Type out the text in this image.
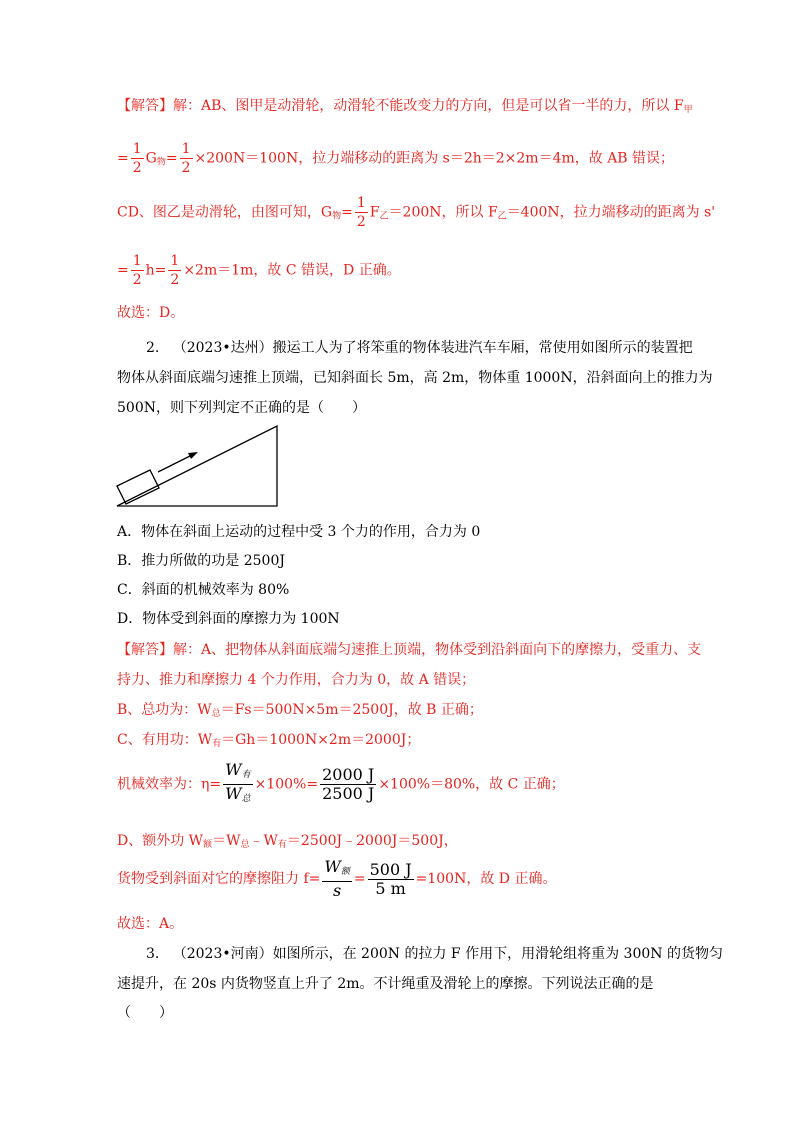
【解答】解：AB、图甲是动滑轮，动滑轮不能改变力的方向，但是可以省一半的力，所以 $F_甲$
= $\frac{1}{2} G_物= \frac{1}{2} \times 200N=100N$，拉力端移动的距离为 s＝2h＝2×2m＝4m，故 AB 错误；
CD、图乙是动滑轮，由图可知，$G_物= \frac{1}{2} F_乙=200N$，所以 $F_乙=400N$，拉力端移动的距离为 s'
= $\frac{1}{2} h= \frac{1}{2} \times 2m=1m$，故 C 错误，D 正确。
故选：D。
2. （2023•达州）搬运工人为了将笨重的物体装进汽车车厢，常使用如图所示的装置把
物体从斜面底端匀速推上顶端，已知斜面长 5m，高 2m，物体重 1000N，沿斜面向上的推力为
500N，则下列判定不正确的是（　　）
A．物体在斜面上运动的过程中受 3 个力的作用，合力为 0
B．推力所做的功是 2500J
C．斜面的机械效率为 80%
D．物体受到斜面的摩擦力为 100N
【解答】解：A、把物体从斜面底端匀速推上顶端，物体受到沿斜面向下的摩擦力，受重力、支
持力、推力和摩擦力 4 个力作用，合力为 0，故 A 错误；
B、总功为：$W_总=Fs=500N\times 5m=2500J$，故 B 正确；
C、有用功：$W_有=Gh=1000N\times 2m=2000J$；
机械效率为：$\eta= \frac{W_有}{W_总} \times 100\%= \frac{2000 J}{2500 J} \times 100\%=80\%$，故 C 正确；
D、额外功 $W_额=W_总﹣W_有=2500J﹣2000J=500J$，
货物受到斜面对它的摩擦阻力 $f= \frac{W_额}{s} = \frac{500 J}{5 m} =100N$，故 D 正确。
故选：A。
3. （2023•河南）如图所示，在 200N 的拉力 F 作用下，用滑轮组将重为 300N 的货物匀
速提升，在 20s 内货物竖直上升了 2m。不计绳重及滑轮上的摩擦。下列说法正确的是
（　　）
